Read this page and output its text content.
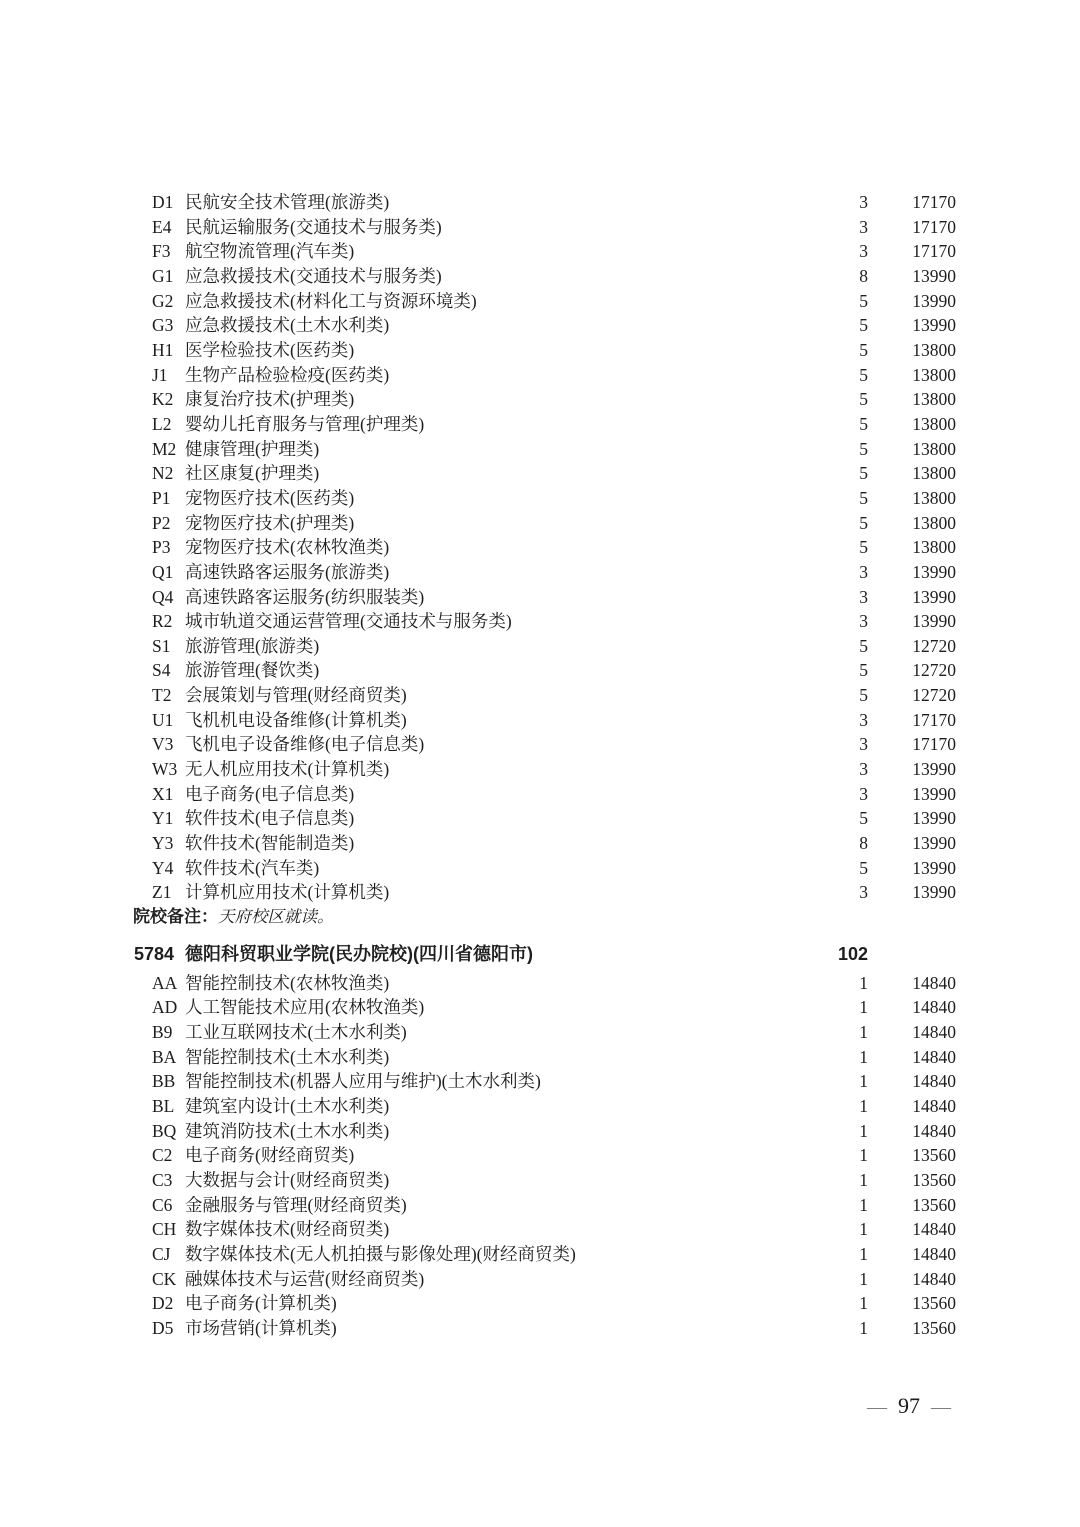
D1 民航安全技术管理(旅游类)	3	17170
E4 民航运输服务(交通技术与服务类)	3	17170
F3 航空物流管理(汽车类)	3	17170
G1 应急救援技术(交通技术与服务类)	8	13990
G2 应急救援技术(材料化工与资源环境类)	5	13990
G3 应急救援技术(土木水利类)	5	13990
H1 医学检验技术(医药类)	5	13800
J1 生物产品检验检疫(医药类)	5	13800
K2 康复治疗技术(护理类)	5	13800
L2 婴幼儿托育服务与管理(护理类)	5	13800
M2 健康管理(护理类)	5	13800
N2 社区康复(护理类)	5	13800
P1 宠物医疗技术(医药类)	5	13800
P2 宠物医疗技术(护理类)	5	13800
P3 宠物医疗技术(农林牧渔类)	5	13800
Q1 高速铁路客运服务(旅游类)	3	13990
Q4 高速铁路客运服务(纺织服装类)	3	13990
R2 城市轨道交通运营管理(交通技术与服务类)	3	13990
S1 旅游管理(旅游类)	5	12720
S4 旅游管理(餐饮类)	5	12720
T2 会展策划与管理(财经商贸类)	5	12720
U1 飞机机电设备维修(计算机类)	3	17170
V3 飞机电子设备维修(电子信息类)	3	17170
W3 无人机应用技术(计算机类)	3	13990
X1 电子商务(电子信息类)	3	13990
Y1 软件技术(电子信息类)	5	13990
Y3 软件技术(智能制造类)	8	13990
Y4 软件技术(汽车类)	5	13990
Z1 计算机应用技术(计算机类)	3	13990
院校备注：天府校区就读。
5784 德阳科贸职业学院(民办院校)(四川省德阳市)	102
AA 智能控制技术(农林牧渔类)	1	14840
AD 人工智能技术应用(农林牧渔类)	1	14840
B9 工业互联网技术(土木水利类)	1	14840
BA 智能控制技术(土木水利类)	1	14840
BB 智能控制技术(机器人应用与维护)(土木水利类)	1	14840
BL 建筑室内设计(土木水利类)	1	14840
BQ 建筑消防技术(土木水利类)	1	14840
C2 电子商务(财经商贸类)	1	13560
C3 大数据与会计(财经商贸类)	1	13560
C6 金融服务与管理(财经商贸类)	1	13560
CH 数字媒体技术(财经商贸类)	1	14840
CJ 数字媒体技术(无人机拍摄与影像处理)(财经商贸类)	1	14840
CK 融媒体技术与运营(财经商贸类)	1	14840
D2 电子商务(计算机类)	1	13560
D5 市场营销(计算机类)	1	13560
— 97 —
